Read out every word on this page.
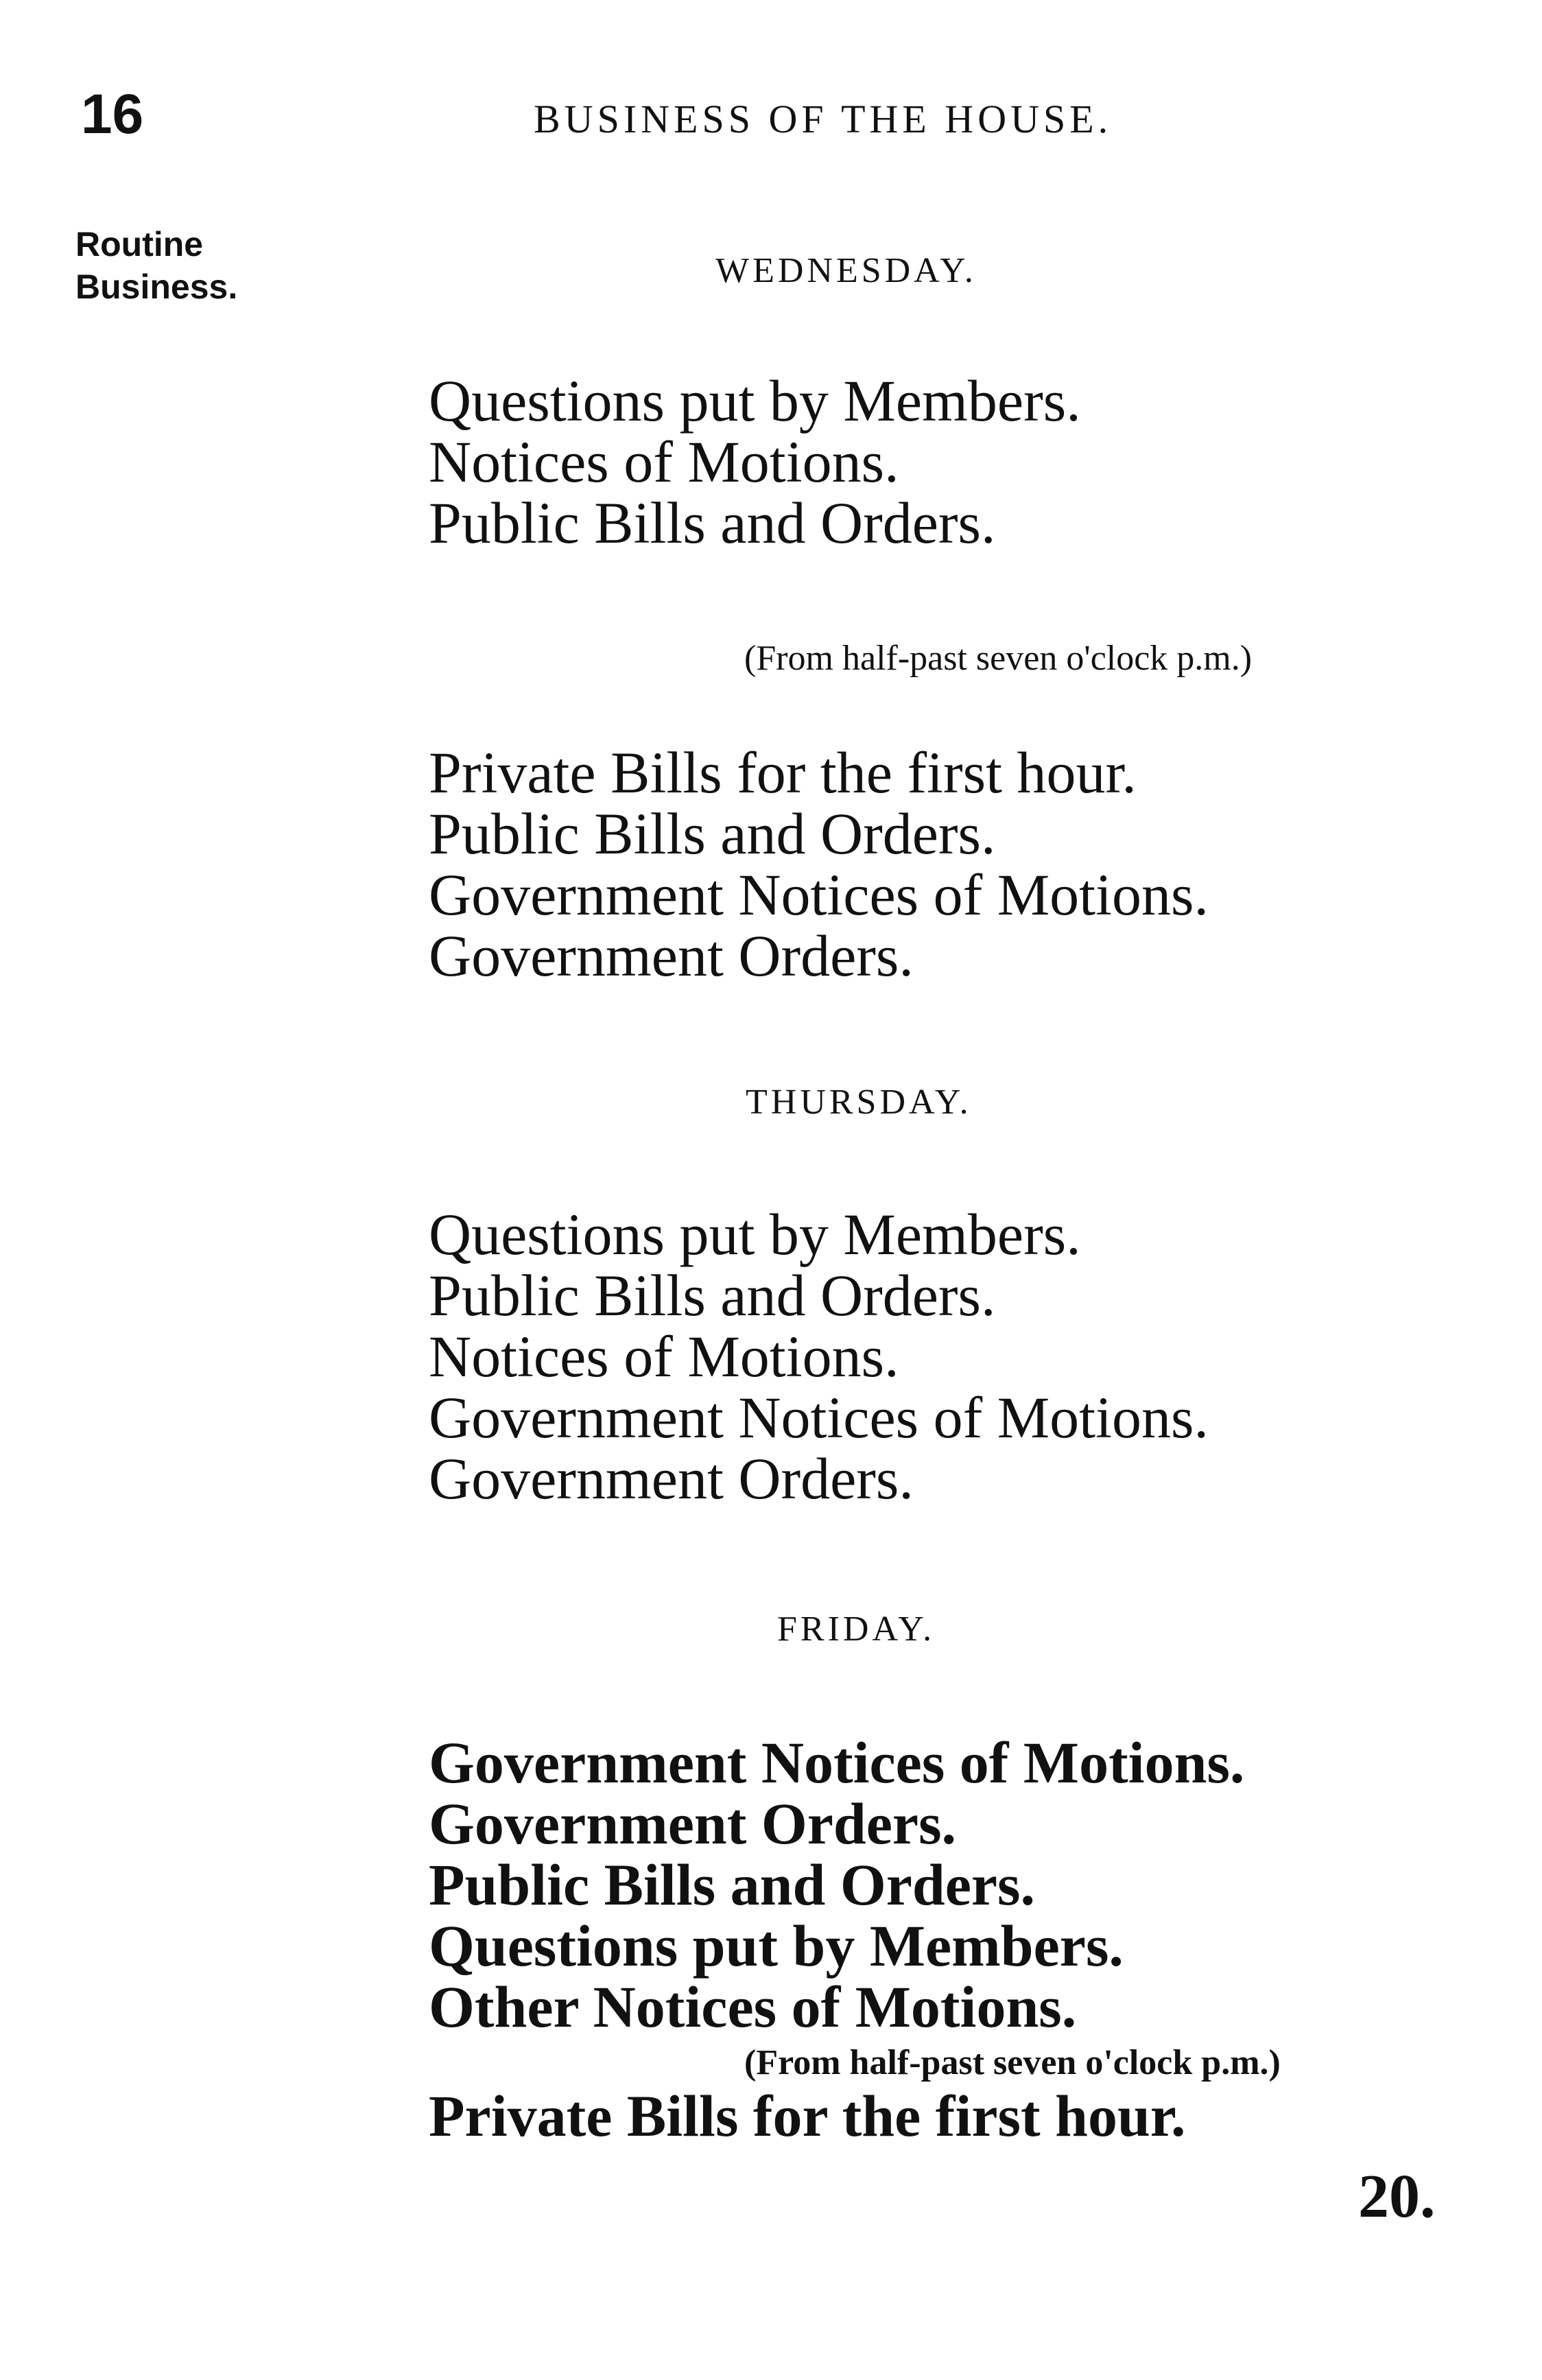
16	BUSINESS OF THE HOUSE.
Routine
Business.	WEDNESDAY.
Questions put by Members.
Notices of Motions.
Public Bills and Orders.
(From half-past seven o'clock p.m.)
Private Bills for the first hour.
Public Bills and Orders.
Government Notices of Motions.
Government Orders.
THURSDAY.
Questions put by Members.
Public Bills and Orders.
Notices of Motions.
Government Notices of Motions.
Government Orders.
FRIDAY.
Government Notices of Motions.
Government Orders.
Public Bills and Orders.
Questions put by Members.
Other Notices of Motions.
(From half-past seven o'clock p.m.)
Private Bills for the first hour.
20.
